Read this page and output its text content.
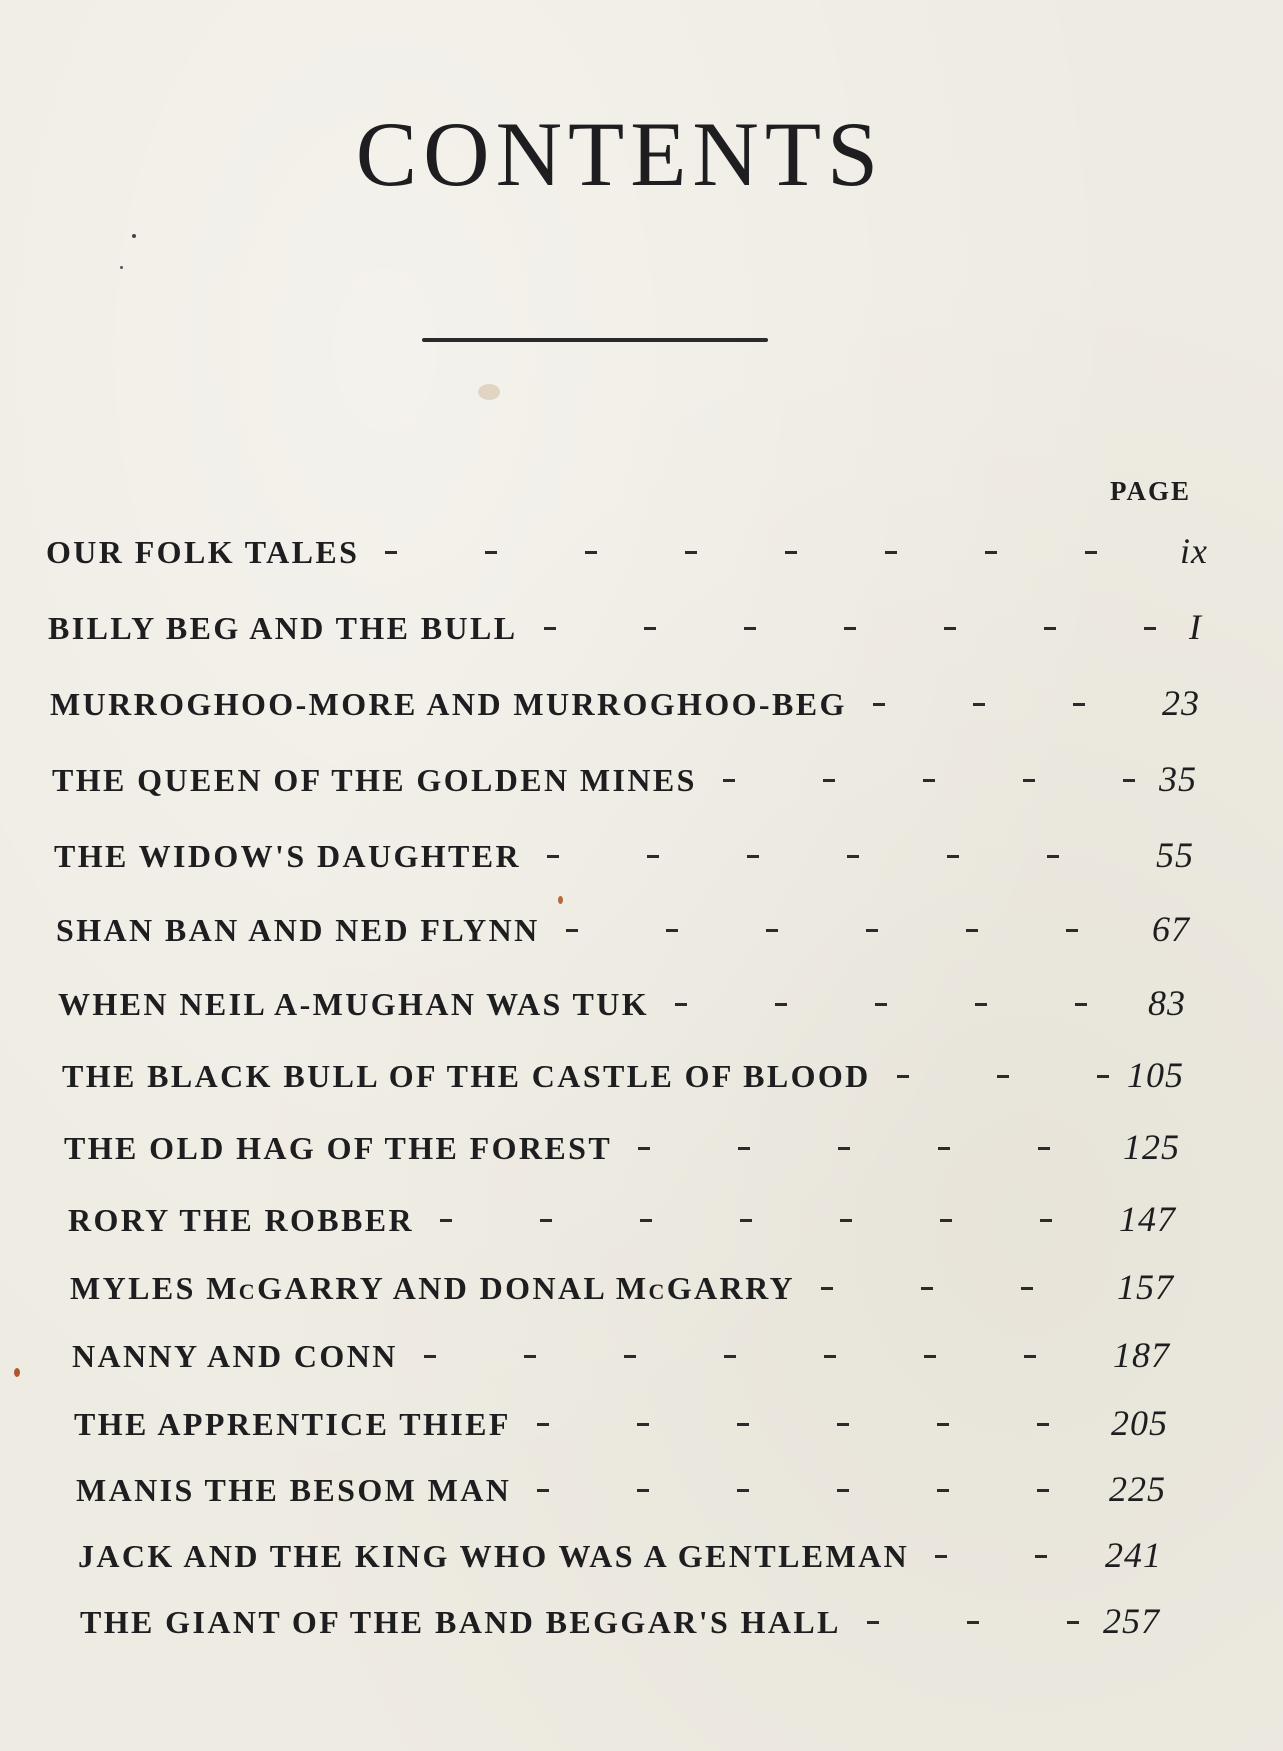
CONTENTS
PAGE
OUR FOLK TALES	ix
BILLY BEG AND THE BULL	I
MURROGHOO-MORE AND MURROGHOO-BEG	23
THE QUEEN OF THE GOLDEN MINES	35
THE WIDOW'S DAUGHTER	55
SHAN BAN AND NED FLYNN	67
WHEN NEIL A-MUGHAN WAS TUK	83
THE BLACK BULL OF THE CASTLE OF BLOOD	105
THE OLD HAG OF THE FOREST	125
RORY THE ROBBER	147
MYLES McGARRY AND DONAL McGARRY	157
NANNY AND CONN	187
THE APPRENTICE THIEF	205
MANIS THE BESOM MAN	225
JACK AND THE KING WHO WAS A GENTLEMAN	241
THE GIANT OF THE BAND BEGGAR'S HALL	257
